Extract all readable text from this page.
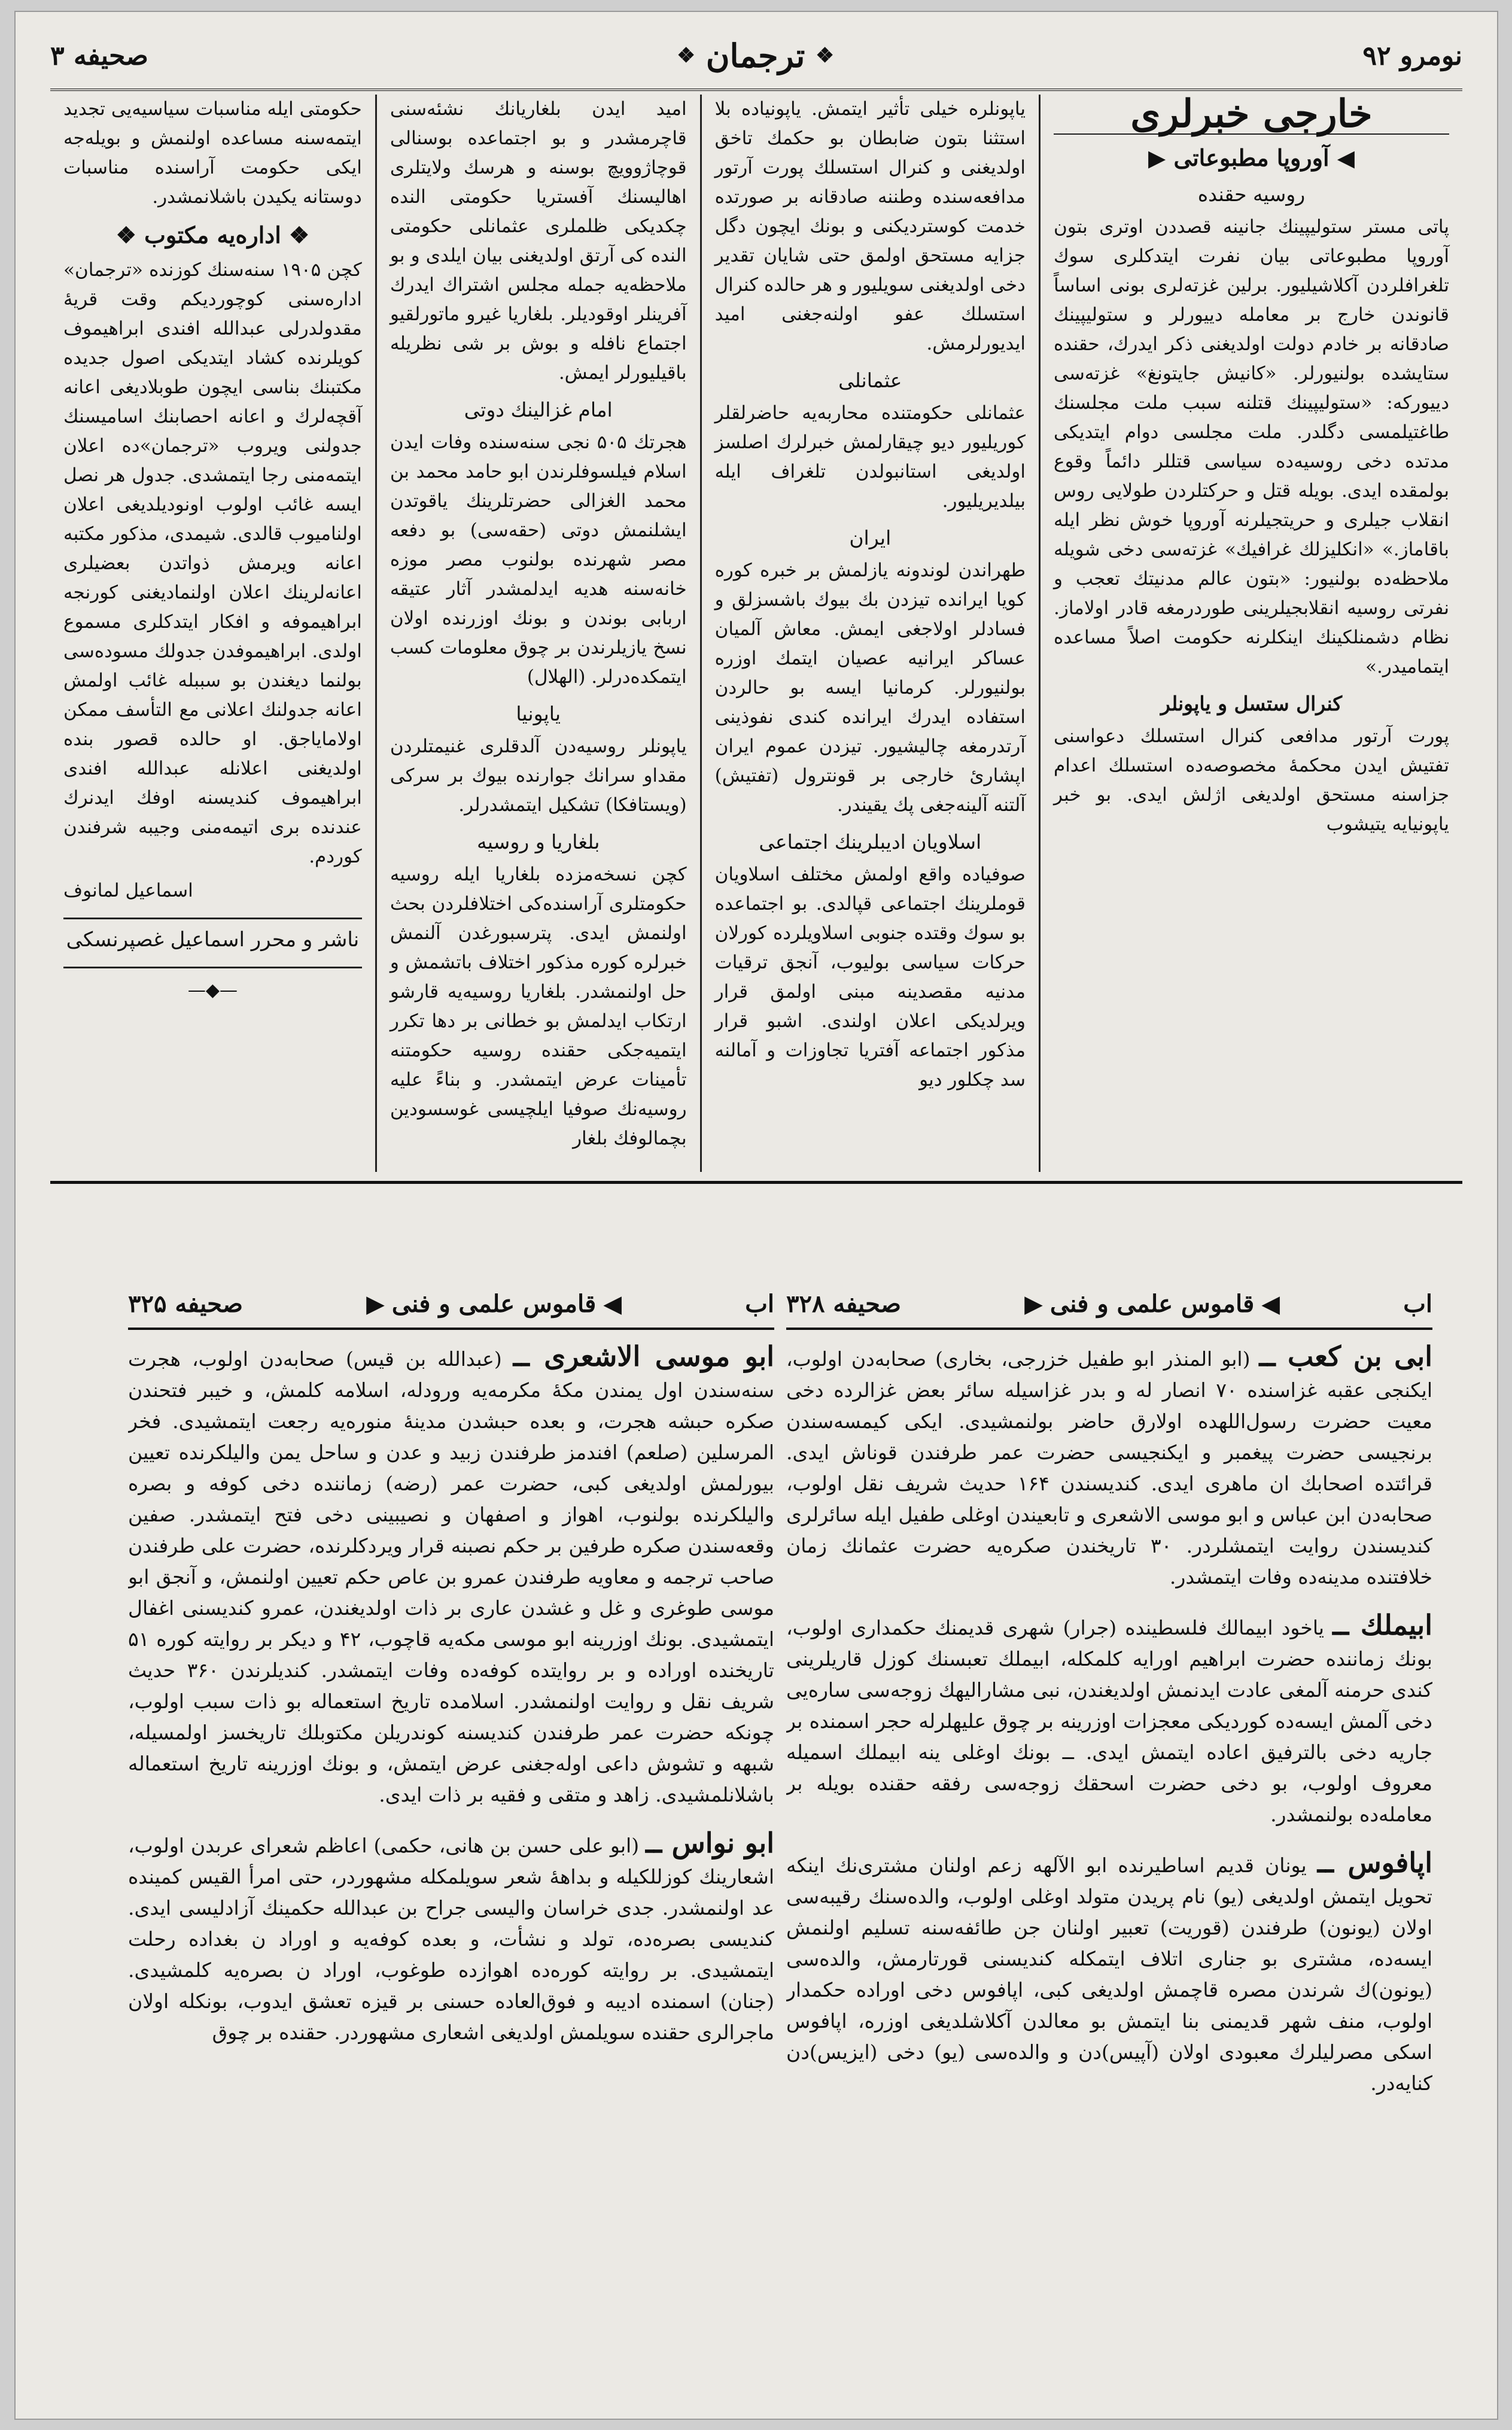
صحیفه ۳	❖
ترجمان
❖	نومرو ۹۲
خارجی خبرلری
◀ آوروپا مطبوعاتی ▶
روسیه حقنده

پاتی مستر ستولیپینك جانینه قصددن اوتری بتون آوروپا مطبوعاتی بیان نفرت ایتدکلری سوك تلغرافلردن آکلاشیلیور. برلین غزته‌لری بونی اساساً قانوندن خارج بر معامله دییورلر و ستولیپینك صادقانه بر خادم دولت اولدیغنی ذکر ایدرك، حقنده ستایشده بولنیورلر. «کانیش جایتونغ» غزته‌سی دییورکه: «ستولیپینك قتلنه سبب ملت مجلسنك طاغتیلمسی دگلدر. ملت مجلسی دوام ایتدیکی مدتده دخی روسیه‌ده سیاسی قتللر دائماً وقوع بولمقده ایدی. بویله قتل و حرکتلردن طولایی روس انقلاب جیلری و حریتجیلرنه آوروپا خوش نظر ایله باقاماز.» «انکلیزلك غرافیك» غزته‌سی دخی شویله ملاحظه‌ده بولنیور: «بتون عالم مدنیتك تعجب و نفرتی روسیه انقلابجیلرینی طوردرمغه قادر اولاماز. نظام دشمنلکینك اینکلرنه حکومت اصلاً مساعده ایتمامیدر.»

کنرال ستسل و یاپونلر

پورت آرتور مدافعی کنرال استسلك دعواسنی تفتیش ایدن محکمهٔ مخصوصه‌ده استسلك اعدام جزاسنه مستحق اولدیغی اژلش ایدی. بو خبر یاپونیایه یتیشوب

یاپونلره خیلی تأثیر ایتمش. یاپونیاده بلا استثنا بتون ضابطان بو حکمك تاخق اولدیغنی و کنرال استسلك پورت آرتور مدافعه‌سنده وطننه صادقانه بر صورتده خدمت کوستردیکنی و بونك ایچون دگل جزایه مستحق اولمق حتی شایان تقدیر دخی اولدیغنی سویلیور و هر حالده کنرال استسلك عفو اولنه‌جغنی امید ایدیورلرمش.

عثمانلی

عثمانلی حکومتنده محاربه‌یه حاضرلقلر کوریلیور دیو چیقارلمش خبرلرك اصلسز اولدیغی استانبولدن تلغراف ایله بیلدیریلیور.

ایران

طهراندن لوندونه یازلمش بر خبره کوره کویا ایرانده تیزدن بك بیوك باشسزلق و فسادلر اولاجغی ایمش. معاش آلمیان عساکر ایرانیه عصیان ایتمك اوزره بولنیورلر. کرمانیا ایسه بو حالردن استفاده ایدرك ایرانده کندی نفوذینی آرتدرمغه چالیشیور. تیزدن عموم ایران اپشارئ خارجی بر قونترول (تفتیش) آلتنه آلینه‌جغی پك یقیندر.

اسلاویان ادیبلرینك اجتماعی

صوفیاده واقع اولمش مختلف اسلاویان قوملرینك اجتماعی قپالدی. بو اجتماعده بو سوك وقتده جنوبی اسلاویلرده کورلان حرکات سیاسی بولیوب، آنجق ترقیات مدنیه مقصدینه مبنی اولمق قرار ویرلدیکی اعلان اولندی. اشبو قرار مذکور اجتماعه آفتریا تجاوزات و آمالنه سد چکلور دیو

امید ایدن بلغاریانك نشئه‌سنی قاچرمشدر و بو اجتماعده بوسنالی قوچاژوویچ بوسنه و هرسك ولایتلری اهالیسنك آفستریا حکومتی النده چکدیکی ظلملری عثمانلی حکومتی النده کی آرتق اولدیغنی بیان ایلدی و بو ملاحظه‌یه جمله مجلس اشتراك ایدرك آفرینلر اوقودیلر. بلغاریا غیرو ماتورلقیو اجتماع نافله و بوش بر شی نظریله باقیلیورلر ایمش.

امام غزالینك دوتی

هجرتك ۵۰۵ نجی سنه‌سنده وفات ایدن اسلام فیلسوفلرندن ابو حامد محمد بن محمد الغزالی حضرتلرینك یاقوتدن ایشلنمش دوتی (حقه‌سی) بو دفعه مصر شهرنده بولنوب مصر موزه خانه‌سنه هدیه ایدلمشدر آثار عتیقه اربابی بوندن و بونك اوزرنده اولان نسخ یازیلرندن بر چوق معلومات کسب ایتمکده‌درلر. (الهلال)

یاپونیا

یاپونلر روسیه‌دن آلدقلری غنیمتلردن مقداو سرانك جوارنده بیوك بر سرکی (ویستافکا) تشکیل ایتمشدرلر.

بلغاریا و روسیه

کچن نسخه‌مزده بلغاریا ایله روسیه حکومتلری آراسنده‌کی اختلافلردن بحث اولنمش ایدی. پترسبورغدن آلنمش خبرلره کوره مذکور اختلاف باتشمش و حل اولنمشدر. بلغاریا روسیه‌یه قارشو ارتکاب ایدلمش بو خطانی بر دها تکرر ایتمیه‌جکی حقنده روسیه حکومتنه تأمینات عرض ایتمشدر. و بناءً علیه روسیه‌نك صوفیا ایلچیسی غوسسودین بچمالوفك بلغار

حکومتی ایله مناسبات سیاسیه‌یی تجدید ایتمه‌سنه مساعده اولنمش و بویله‌جه ایکی حکومت آراسنده مناسبات دوستانه یکیدن باشلانمشدر.

❖ اداره‌یه مکتوب ❖

کچن ۱۹۰۵ سنه‌سنك کوزنده «ترجمان» اداره‌سنی کوچوردیکم وقت قریهٔ مقدولدرلی عبدالله افندی ابراهیموف کویلرنده کشاد ایتدیکی اصول جدیده مکتبنك بناسی ایچون طوبلادیغی اعانه آقچه‌لرك و اعانه احصابنك اسامیسنك جدولنی ویروب «ترجمان»ده اعلان ایتمه‌منی رجا ایتمشدی. جدول هر نصل ایسه غائب اولوب اونودیلدیغی اعلان اولنامیوب قالدی. شیمدی، مذکور مکتبه اعانه ویرمش ذواتدن بعضیلری اعانه‌لرینك اعلان اولنمادیغنی کورنجه ابراهیموفه و افکار ایتدکلری مسموع اولدی. ابراهیموفدن جدولك مسوده‌سی بولنما دیغندن بو سببله غائب اولمش اعانه جدولنك اعلانی مع التأسف ممکن اولامایاجق. او حالده قصور بنده اولدیغنی اعلانله عبدالله افندی ابراهیموف کندیسنه اوفك ایدنرك عندنده بری اتیمه‌منی وجیبه شرفندن کوردم.

اسماعیل لمانوف
ناشر و محرر اسماعیل غصپرنسکی
—◆—
اب
◀
قاموس علمی و فنی
▶
صحیفه ۳۲۸

ابی بن کعب ــ (ابو المنذر ابو طفیل خزرجی، بخاری) صحابه‌دن اولوب، ایکنجی عقبه غزاسنده ۷۰ انصار له و بدر غزاسیله سائر بعض غزالرده دخی معیت حضرت رسول‌اللهده اولارق حاضر بولنمشیدی. ایکی کیمسه‌سندن برنجیسی حضرت پیغمبر و ایکنجیسی حضرت عمر طرفندن قوناش ایدی. قرائتده اصحابك ان ماهری ایدی. کندیسندن ۱۶۴ حدیث شریف نقل اولوب، صحابه‌دن ابن عباس و ابو موسی الاشعری و تابعیندن اوغلی طفیل ایله سائرلری کندیسندن روایت ایتمشلردر. ۳۰ تاریخندن صکره‌یه حضرت عثمانك زمان خلافتنده مدینه‌ده وفات ایتمشدر.

ابیملك ــ یاخود ابیمالك فلسطینده (جرار) شهری قدیمنك حکمداری اولوب، بونك زماننده حضرت ابراهیم اورایه کلمکله، ابیملك تعبسنك کوزل قاریلرینی کندی حرمنه آلمغی عادت ایدنمش اولدیغندن، نبی مشارالیهك زوجه‌سی ساره‌یی دخی آلمش ایسه‌ده کوردیکی معجزات اوزرینه بر چوق علیهلرله حجر اسمنده بر جاریه دخی بالترفیق اعاده ایتمش ایدی. ــ بونك اوغلی ینه ابیملك اسمیله معروف اولوب، بو دخی حضرت اسحقك زوجه‌سی رفقه حقنده بویله بر معامله‌ده بولنمشدر.

اپافوس ــ یونان قدیم اساطیرنده ابو الآلهه زعم اولنان مشتری‌نك اینکه تحویل ایتمش اولدیغی (یو) نام پریدن متولد اوغلی اولوب، والده‌سنك رقیبه‌سی اولان (یونون) طرفندن (قوریت) تعبیر اولنان جن طائفه‌سنه تسلیم اولنمش ایسه‌ده، مشتری بو جناری اتلاف ایتمکله کندیسنی قورتارمش، والده‌سی (یونون)ك شرندن مصره قاچمش اولدیغی کبی، اپافوس دخی اوراده حکمدار اولوب، منف شهر قدیمنی بنا ایتمش بو معالدن آکلاشلدیغی اوزره، اپافوس اسکی مصرلیلرك معبودی اولان (آپیس)دن و والده‌سی (یو) دخی (ایزیس)دن کنایه‌در.

اب
◀
قاموس علمی و فنی
▶
صحیفه ۳۲۵

ابو موسی الاشعری ــ (عبدالله بن قیس) صحابه‌دن اولوب، هجرت سنه‌سندن اول یمندن مکهٔ مکرمه‌یه ورودله، اسلامه کلمش، و خیبر فتحندن صکره حبشه هجرت، و بعده حبشدن مدینهٔ منوره‌یه رجعت ایتمشیدی. فخر المرسلین (صلعم) افندمز طرفندن زبید و عدن و ساحل یمن والیلکرنده تعیین بیورلمش اولدیغی کبی، حضرت عمر (رضه) زماننده دخی کوفه و بصره والیلکرنده بولنوب، اهواز و اصفهان و نصیبینی دخی فتح ایتمشدر. صفین وقعه‌سندن صکره طرفین بر حکم نصبنه قرار ویردکلرنده، حضرت علی طرفندن صاحب ترجمه و معاویه طرفندن عمرو بن عاص حکم تعیین اولنمش، و آنجق ابو موسی طوغری و غل و غشدن عاری بر ذات اولدیغندن، عمرو کندیسنی اغفال ایتمشیدی. بونك اوزرینه ابو موسی مکه‌یه قاچوب، ۴۲ و دیکر بر روایته کوره ۵۱ تاریخنده اوراده و بر روایتده کوفه‌ده وفات ایتمشدر. کندیلرندن ۳۶۰ حدیث شریف نقل و روایت اولنمشدر. اسلامده تاریخ استعماله بو ذات سبب اولوب، چونکه حضرت عمر طرفندن کندیسنه کوندریلن مکتوبلك تاریخسز اولمسیله، شبهه و تشوش داعی اوله‌جغنی عرض ایتمش، و بونك اوزرینه تاریخ استعماله باشلانلمشیدی. زاهد و متقی و فقیه بر ذات ایدی.

ابو نواس ــ (ابو علی حسن بن هانی، حکمی) اعاظم شعرای عربدن اولوب، اشعارینك کوزللکیله و بداههٔ شعر سویلمکله مشهوردر، حتی امرأ القیس کمینده عد اولنمشدر. جدی خراسان والیسی جراح بن عبدالله حکمینك آزادلیسی ایدی. کندیسی بصره‌ده، تولد و نشأت، و بعده کوفه‌یه و اوراد ن بغداده رحلت ایتمشیدی. بر روایته کوره‌ده اهوازده طوغوب، اوراد ن بصره‌یه کلمشیدی. (جنان) اسمنده ادیبه و فوق‌العاده حسنی بر قیزه تعشق ایدوب، بونکله اولان ماجرالری حقنده سویلمش اولدیغی اشعاری مشهوردر. حقنده بر چوق
